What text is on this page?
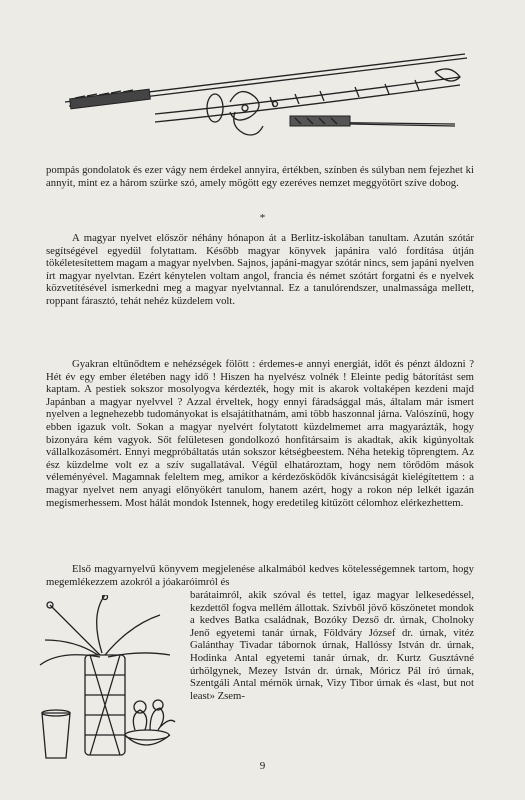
pompás gondolatok és ezer vágy nem érdekel annyira, értékben, színben és súlyban nem fejezhet ki annyit, mint ez a három szürke szó, amely mögött egy ezeréves nemzet meggyötört szíve dobog.

*

A magyar nyelvet először néhány hónapon át a Berlitz-iskolában tanultam. Azután szótár segítségével egyedül folytattam. Később magyar könyvek japánira való fordítása útján tökéletesítettem magam a magyar nyelvben. Sajnos, japáni-magyar szótár nincs, sem japáni nyelven írt magyar nyelvtan. Ezért kénytelen voltam angol, francia és német szótárt forgatni és e nyelvek közvetítésével ismerkedni meg a magyar nyelvtannal. Ez a tanulórendszer, unalmassága mellett, roppant fárasztó, tehát nehéz küzdelem volt.

Gyakran eltűnődtem e nehézségek fölött : érdemes-e annyi energiát, időt és pénzt áldozni ? Hét év egy ember életében nagy idő ! Hiszen ha nyelvész volnék ! Eleinte pedig bátorítást sem kaptam. A pestiek sokszor mosolyogva kérdezték, hogy mit is akarok voltaképen kezdeni majd Japánban a magyar nyelvvel ? Azzal érveltek, hogy ennyi fáradsággal más, általam már ismert nyelven a legnehezebb tudományokat is elsajátíthatnám, ami több haszonnal járna. Valószínű, hogy ebben igazuk volt. Sokan a magyar nyelvért folytatott küzdelmemet arra magyarázták, hogy bizonyára kém vagyok. Sőt felületesen gondolkozó honfitársaim is akadtak, akik kigúnyoltak vállalkozásomért. Ennyi megpróbáltatás után sokszor kétségbeestem. Néha hetekig töprengtem. Az ész küzdelme volt ez a szív sugallatával. Végül elhatároztam, hogy nem törődöm mások véleményével. Magamnak feleltem meg, amikor a kérdezősködők kíváncsiságát kielégítettem : a magyar nyelvet nem anyagi előnyökért tanulom, hanem azért, hogy a rokon nép lelkét igazán megismerhessem. Most hálát mondok Istennek, hogy eredetileg kitűzött célomhoz elérkezhettem.

Első magyarnyelvű könyvem megjelenése alkalmából kedves kötelességemnek tartom, hogy megemlékezzem azokról a jóakaróimról és

barátaimról, akik szóval és tettel, igaz magyar lelkesedéssel, kezdettől fogva mellém állottak. Szívből jövő köszönetet mondok a kedves Batka családnak, Bozóky Dezső dr. úrnak, Cholnoky Jenő egyetemi tanár úrnak, Földváry József dr. úrnak, vitéz Galánthay Tivadar tábornok úrnak, Hallóssy István dr. úrnak, Hodinka Antal egyetemi tanár úrnak, dr. Kurtz Gusztávné úrhölgynek, Mezey István dr. úrnak, Móricz Pál író úrnak, Szentgáli Antal mérnök úrnak, Vizy Tibor úrnak és «last, but not least» Zsem-

9
